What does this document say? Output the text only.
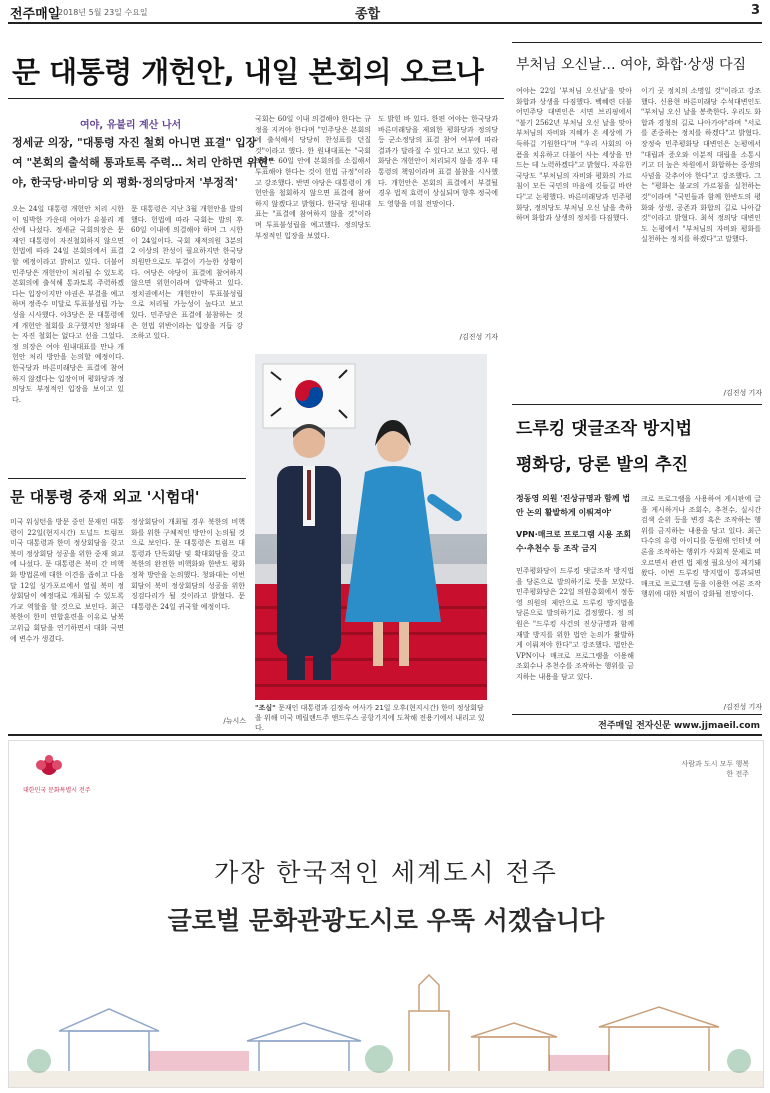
전주매일
2018년 5월 23일 수요일	종합	3
문 대통령 개헌안, 내일 본회의 오르나
여야, 유불리 계산 나서
정세균 의장, "대통령 자진 철회 아니면 표결" 입장
여 "본회의 출석해 통과토록 주력… 처리 안하면 위헌"
야, 한국당·바미당 외 평화·정의당마저 '부정적'
오는 24일 대통령 개헌안 처리 시한이 임박한 가운데 여야가 유불리 계산에 나섰다. 정세균 국회의장은 문재인 대통령이 자진철회하지 않으면 헌법에 따라 24일 본회의에서 표결할 예정이라고 밝히고 있다. 더불어민주당은 개헌안이 처리될 수 있도록 본회의에 출석해 통과토록 주력하겠다는 입장이지만 야권은 부결을 예고하며 정족수 미달로 투표불성립 가능성을 시사했다. 야3당은 문 대통령에게 개헌안 철회를 요구했지만 청와대는 자진 철회는 없다고 선을 그었다. 정 의장은 여야 원내대표를 만나 개헌안 처리 방안을 논의할 예정이다. 한국당과 바른미래당은 표결에 참여하지 않겠다는 입장이며 평화당과 정의당도 부정적인 입장을 보이고 있다.
문 대통령은 지난 3월 개헌안을 발의했다. 헌법에 따라 국회는 발의 후 60일 이내에 의결해야 하며 그 시한이 24일이다. 국회 재적의원 3분의 2 이상의 찬성이 필요하지만 한국당 의원만으로도 부결이 가능한 상황이다. 여당은 야당이 표결에 참여하지 않으면 위헌이라며 압박하고 있다. 정치권에서는 개헌안이 투표불성립으로 처리될 가능성이 높다고 보고 있다. 민주당은 표결에 불참하는 것은 헌법 위반이라는 입장을 거듭 강조하고 있다.
국회는 60일 이내 의결해야 한다는 규정을 지켜야 한다며 "민주당은 본회의에 출석해서 당당히 찬성표를 던질 것"이라고 했다. 한 원내대표는 "국회의장은 60일 안에 본회의를 소집해서 투표해야 한다는 것이 헌법 규정"이라고 강조했다. 반면 야당은 대통령이 개헌안을 철회하지 않으면 표결에 참여하지 않겠다고 밝혔다. 한국당 원내대표는 "표결에 참여하지 않을 것"이라며 투표불성립을 예고했다. 정의당도 부정적인 입장을 보였다.
도 밝힌 바 있다. 한편 여야는 한국당과 바른미래당을 제외한 평화당과 정의당 등 군소정당의 표결 참여 여부에 따라 결과가 달라질 수 있다고 보고 있다. 평화당은 개헌안이 처리되지 않을 경우 대통령의 책임이라며 표결 불참을 시사했다. 개헌안은 본회의 표결에서 부결될 경우 법적 효력이 상실되며 향후 정국에도 영향을 미칠 전망이다.
/김진성 기자
문 대통령 중재 외교 '시험대'
미국 워싱턴을 방문 중인 문재인 대통령이 22일(현지시간) 도널드 트럼프 미국 대통령과 한미 정상회담을 갖고 북미 정상회담 성공을 위한 중재 외교에 나섰다. 문 대통령은 북미 간 비핵화 방법론에 대한 이견을 좁히고 다음달 12일 싱가포르에서 열릴 북미 정상회담이 예정대로 개최될 수 있도록 가교 역할을 할 것으로 보인다. 최근 북한이 한미 연합훈련을 이유로 남북 고위급 회담을 연기하면서 대화 국면에 변수가 생겼다.
정상회담이 개최될 경우 북한의 비핵화를 위한 구체적인 방안이 논의될 것으로 보인다. 문 대통령은 트럼프 대통령과 단독회담 및 확대회담을 갖고 북한의 완전한 비핵화와 한반도 평화 정착 방안을 논의했다. 청와대는 이번 회담이 북미 정상회담의 성공을 위한 징검다리가 될 것이라고 밝혔다. 문 대통령은 24일 귀국할 예정이다.
/뉴시스
"조심" 문재인 대통령과 김정숙 여사가 21일 오후(현지시간) 한미 정상회담을 위해 미국 메릴랜드주 앤드루스 공항기지에 도착해 전용기에서 내리고 있다.
부처님 오신날… 여야, 화합·상생 다짐
여야는 22일 '부처님 오신날'을 맞아 화합과 상생을 다짐했다. 백혜련 더불어민주당 대변인은 서면 브리핑에서 "불기 2562년 부처님 오신 날을 맞아 부처님의 자비와 지혜가 온 세상에 가득하길 기원한다"며 "우리 사회의 아픔을 치유하고 더불어 사는 세상을 만드는 데 노력하겠다"고 밝혔다. 자유한국당도 "부처님의 자비와 평화의 가르침이 모든 국민의 마음에 깃들길 바란다"고 논평했다. 바른미래당과 민주평화당, 정의당도 부처님 오신 날을 축하하며 화합과 상생의 정치를 다짐했다.
이기 곳 정치의 소명일 것"이라고 강조했다. 신용현 바른미래당 수석대변인도 "부처님 오신 날을 봉축한다. 우리도 화합과 경청의 길로 나아가야"라며 "서로를 존중하는 정치를 하겠다"고 밝혔다. 장정숙 민주평화당 대변인은 논평에서 "대립과 증오와 이분적 대립을 소통시키고 더 높은 차원에서 화합하는 중생의 사념을 갖추어야 한다"고 강조했다. 그는 "평화는 불교의 가르침을 실천하는 것"이라며 "국민들과 함께 한반도의 평화와 상생, 공존과 화합의 길로 나아갈 것"이라고 밝혔다. 최석 정의당 대변인도 논평에서 "부처님의 자비와 평화를 실천하는 정치를 하겠다"고 말했다.
/김진성 기자
드루킹 댓글조작 방지법
평화당, 당론 발의 추진
정동영 의원 '진상규명과 함께 법안 논의 활발하게 이뤄져야'
VPN·매크로 프로그램 시용 조회수·추천수 등 조작 금지
민주평화당이 드루킹 댓글조작 방지법을 당론으로 발의하기로 뜻을 모았다. 민주평화당은 22일 의원총회에서 정동영 의원의 제안으로 드루킹 방지법을 당론으로 발의하기로 결정했다. 정 의원은 "드루킹 사건의 진상규명과 함께 재발 방지를 위한 법안 논의가 활발하게 이뤄져야 한다"고 강조했다. 법안은 VPN이나 매크로 프로그램을 이용해 조회수나 추천수를 조작하는 행위를 금지하는 내용을 담고 있다.
크로 프로그램을 사용하여 게시판에 글을 게시하거나 조회수, 추천수, 실시간 검색 순위 등을 변경 혹은 조작하는 행위를 금지하는 내용을 담고 있다. 최근 다수의 유령 아이디를 동원해 인터넷 여론을 조작하는 행위가 사회적 문제로 떠오르면서 관련 법 제정 필요성이 제기돼 왔다. 이번 드루킹 방지법이 통과되면 매크로 프로그램 등을 이용한 여론 조작 행위에 대한 처벌이 강화될 전망이다.
/김진성 기자
전주매일 전자신문 www.jjmaeil.com
대한민국 문화특별시 전주
사람과 도시 모두 행복한 전주
가장 한국적인 세계도시 전주
글로벌 문화관광도시로 우뚝 서겠습니다
